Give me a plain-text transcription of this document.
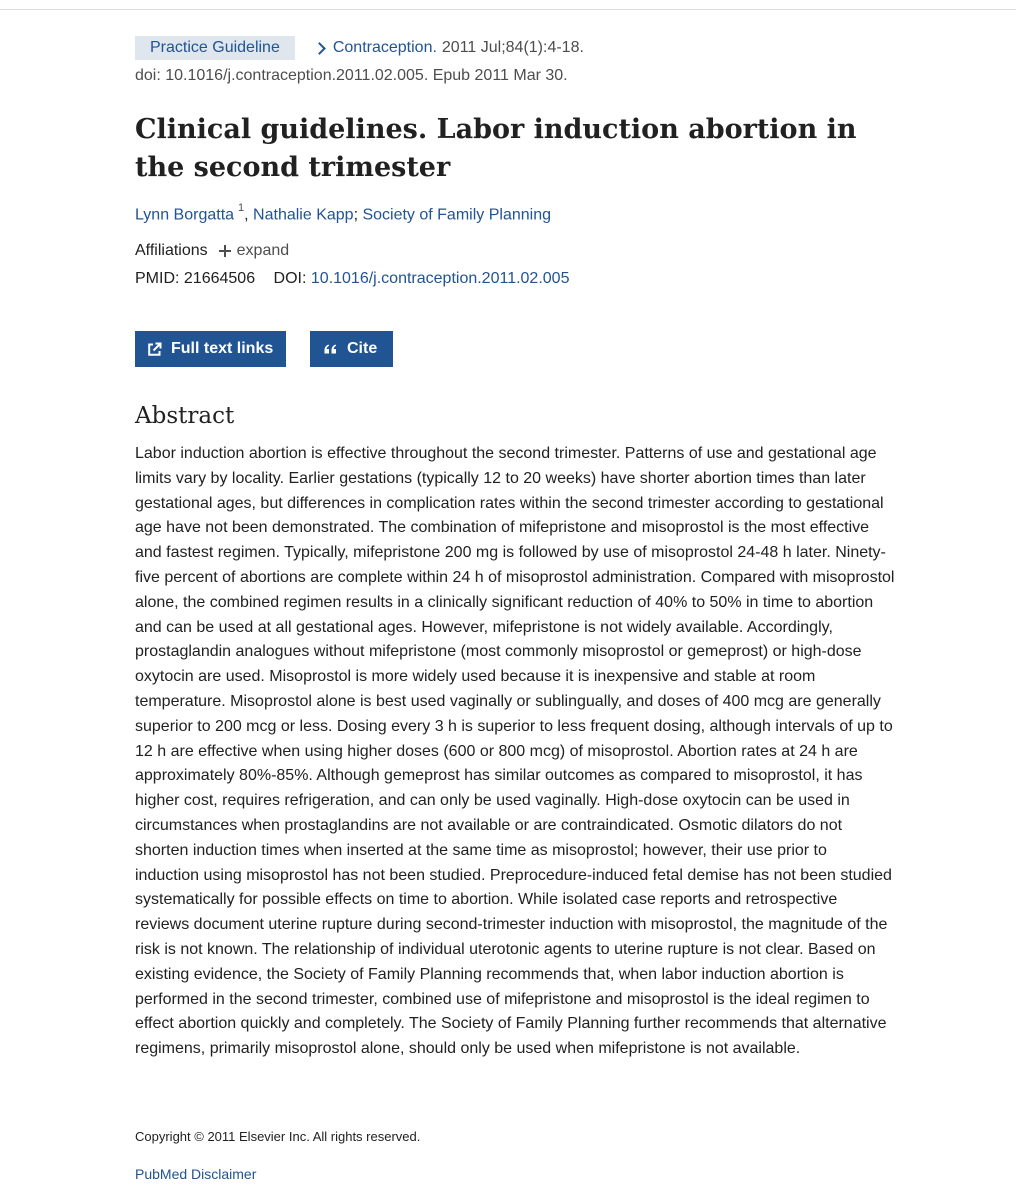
Practice Guideline	Contraception. 2011 Jul;84(1):4-18.
doi: 10.1016/j.contraception.2011.02.005. Epub 2011 Mar 30.
Clinical guidelines. Labor induction abortion in the second trimester
Lynn Borgatta $^1$, Nathalie Kapp; Society of Family Planning
Affiliations expand
PMID: 21664506 DOI: 10.1016/j.contraception.2011.02.005
Full text links	Cite
Abstract

Labor induction abortion is effective throughout the second trimester. Patterns of use and gestational age limits vary by locality. Earlier gestations (typically 12 to 20 weeks) have shorter abortion times than later gestational ages, but differences in complication rates within the second trimester according to gestational age have not been demonstrated. The combination of mifepristone and misoprostol is the most effective and fastest regimen. Typically, mifepristone 200 mg is followed by use of misoprostol 24-48 h later. Ninety-five percent of abortions are complete within 24 h of misoprostol administration. Compared with misoprostol alone, the combined regimen results in a clinically significant reduction of 40% to 50% in time to abortion and can be used at all gestational ages. However, mifepristone is not widely available. Accordingly, prostaglandin analogues without mifepristone (most commonly misoprostol or gemeprost) or high-dose oxytocin are used. Misoprostol is more widely used because it is inexpensive and stable at room temperature. Misoprostol alone is best used vaginally or sublingually, and doses of 400 mcg are generally superior to 200 mcg or less. Dosing every 3 h is superior to less frequent dosing, although intervals of up to 12 h are effective when using higher doses (600 or 800 mcg) of misoprostol. Abortion rates at 24 h are approximately 80%-85%. Although gemeprost has similar outcomes as compared to misoprostol, it has higher cost, requires refrigeration, and can only be used vaginally. High-dose oxytocin can be used in circumstances when prostaglandins are not available or are contraindicated. Osmotic dilators do not shorten induction times when inserted at the same time as misoprostol; however, their use prior to induction using misoprostol has not been studied. Preprocedure-induced fetal demise has not been studied systematically for possible effects on time to abortion. While isolated case reports and retrospective reviews document uterine rupture during second-trimester induction with misoprostol, the magnitude of the risk is not known. The relationship of individual uterotonic agents to uterine rupture is not clear. Based on existing evidence, the Society of Family Planning recommends that, when labor induction abortion is performed in the second trimester, combined use of mifepristone and misoprostol is the ideal regimen to effect abortion quickly and completely. The Society of Family Planning further recommends that alternative regimens, primarily misoprostol alone, should only be used when mifepristone is not available.

Copyright © 2011 Elsevier Inc. All rights reserved.
PubMed Disclaimer
